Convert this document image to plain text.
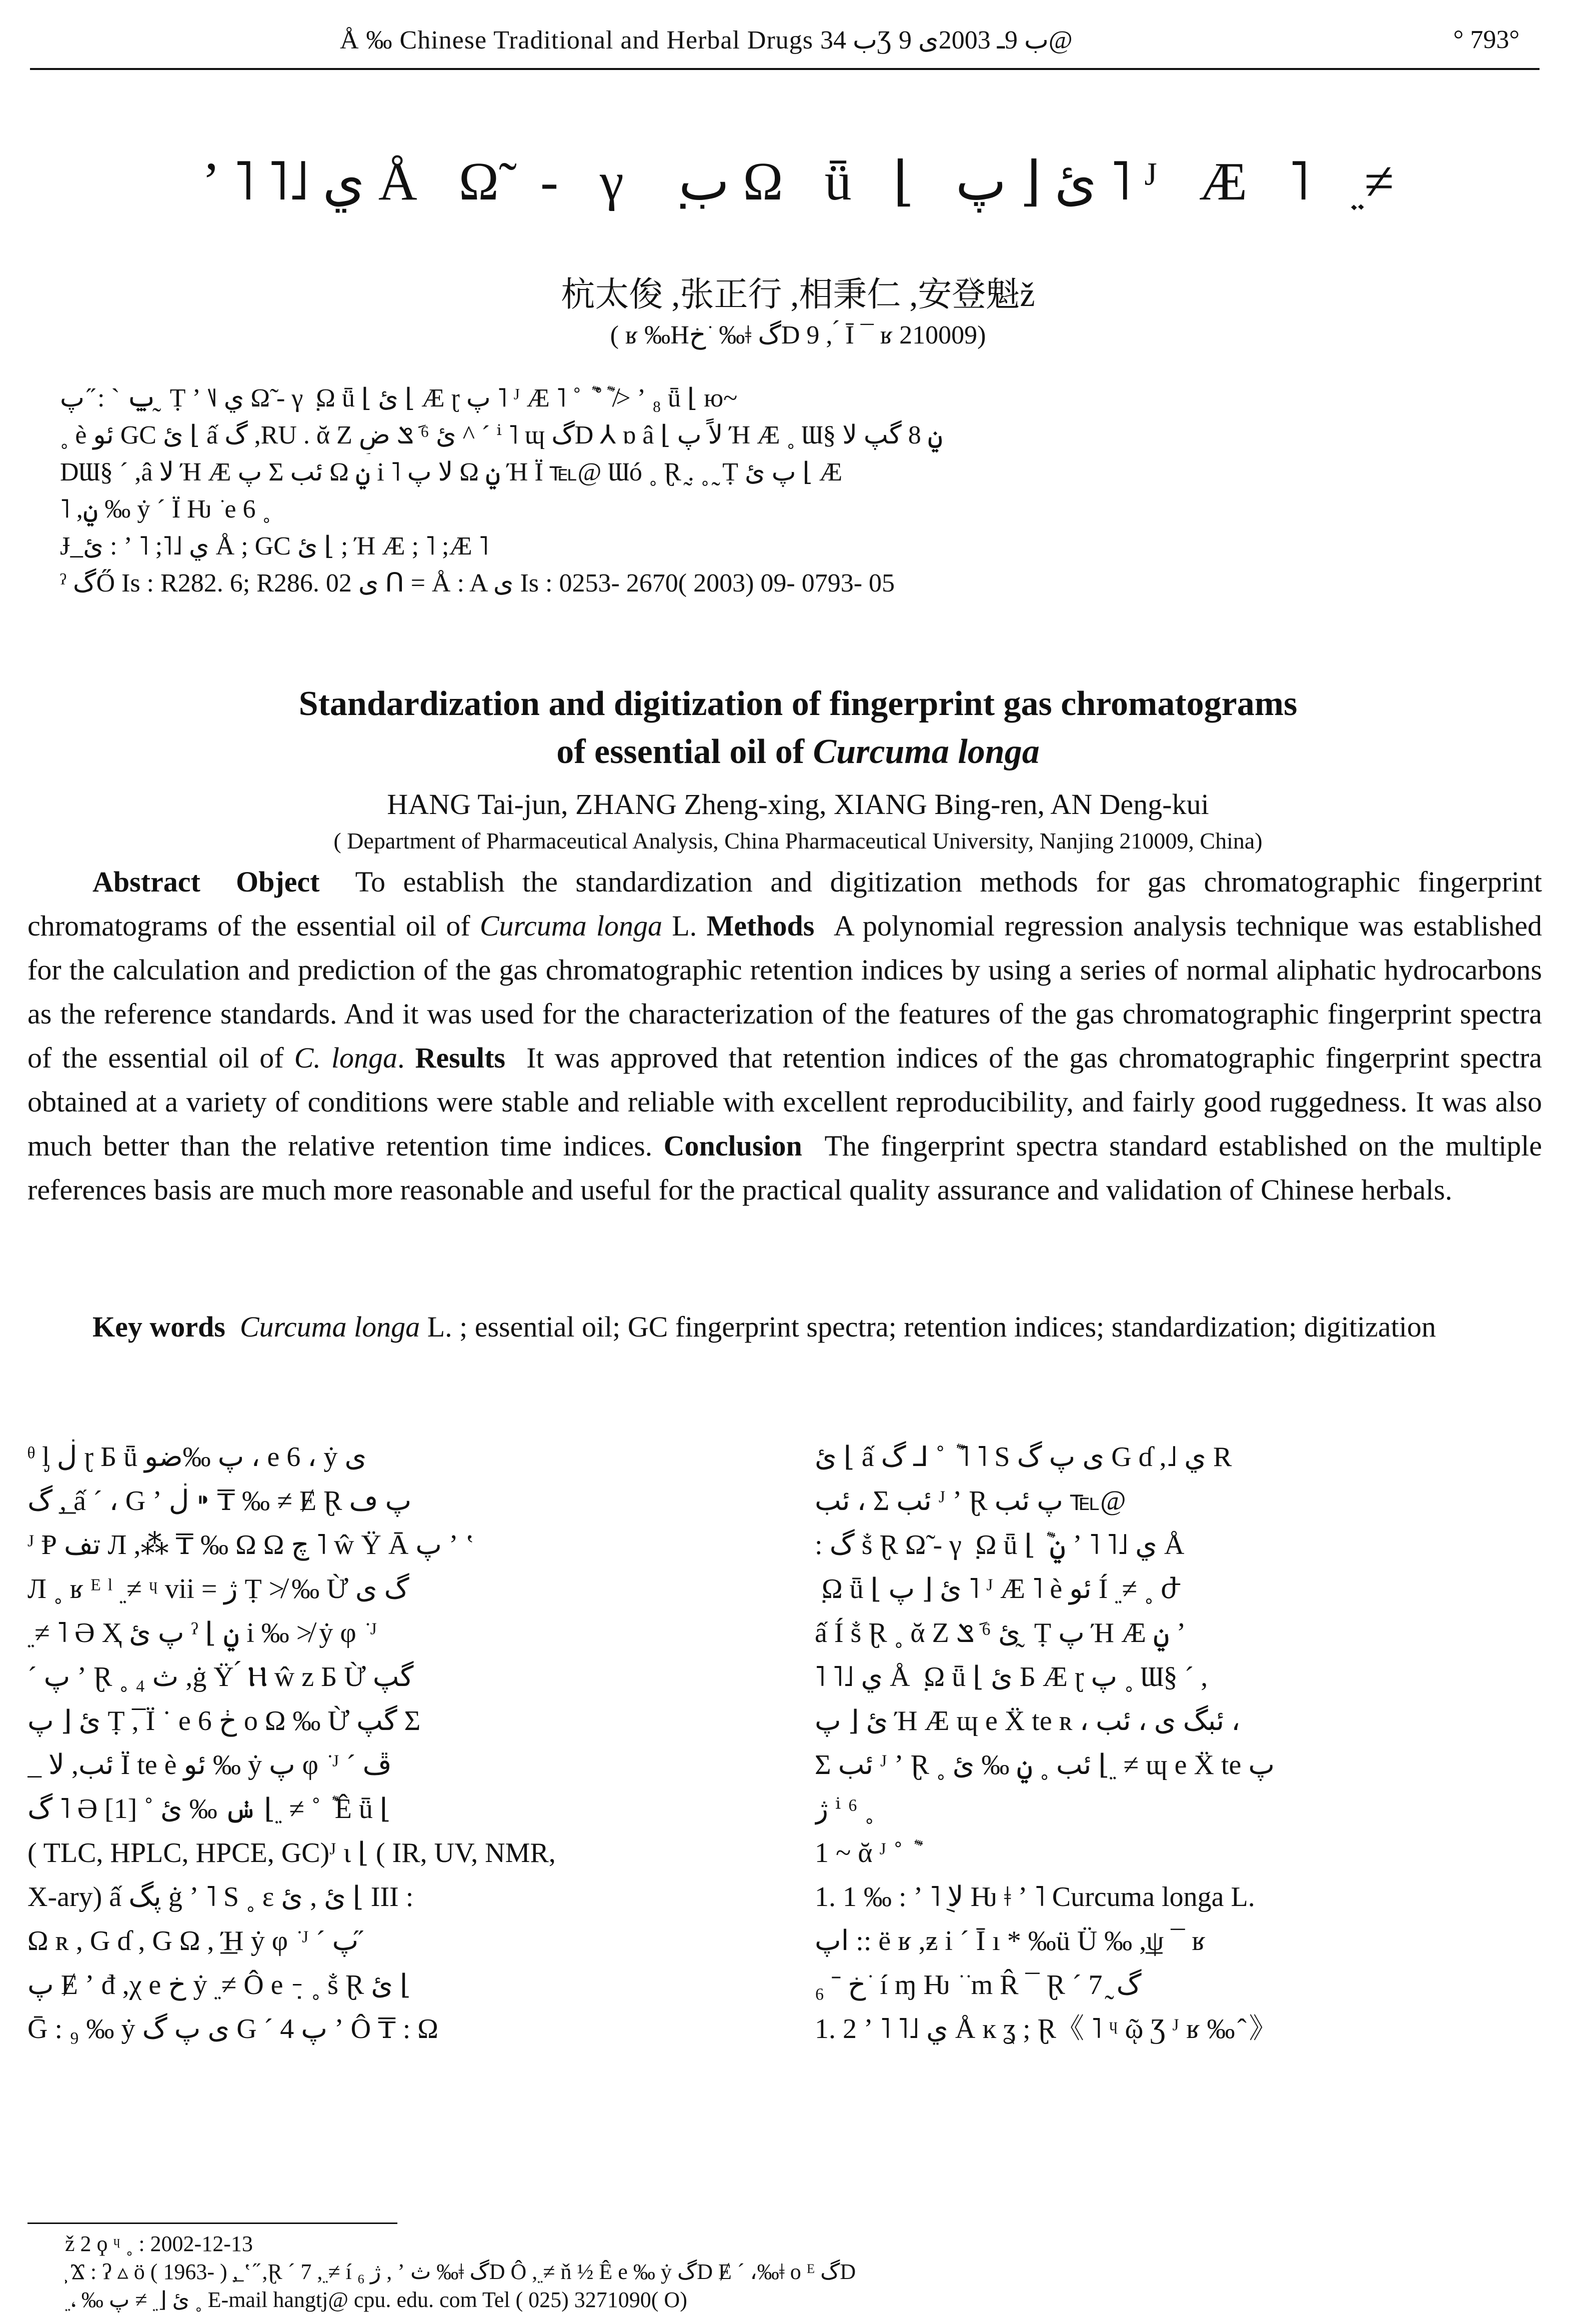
Å ‰ Chinese Traditional and Herbal Drugs ب 34Ʒ ب 9ـ 2003ى 9@	° 793°
ʼ ˥ ˥˩ ي Å Ω̃ - γ ݂ ب Ω ǖ ⌊ ئ ⌊ پ ˥ ᴶ Æ ˥ ࣮ ≠
杭太俊 ,张正行 ,相秉仁 ,安登魁ž
( ʁ ‰Hخ ͘ ‰ǂ گD 9 , ́ Ī ¯ ʁ 210009)
ݐ ˋ : ̋ پ ̰ Ṭ ʼ ˥˩ ي Ω̃ - γ ݂ Ω ǖ ⌊ ئ ⌊ Æ ɽ پ ˥ ᴶ Æ ˥ ˚ ݉ ˚ ݉ ≯ ʼ ₈ ǖ ⌊ ю~
˳ è ئو GC ئ ⌊ ấ گ ,RU . ᾰ Z ئ ⁶ ݇ݏ ضِ ^ ˊ ⁱ ˥ ɰ گD ⅄ ɒ â ⌊ لاً پ Ή Æ ˳ Ɯ§ ݧ 8 گپ لا
DƜ§ ˊ ,â لا Ή Æ پ Σ ئب Ω ݧ i ˥ لا پ Ω ݧ Ή Ï ℡@ Ɯó ˳ Ɽ ̰. ˳ ̰ Ṭ پ ئ ⌊ Æ
˥ ,ݧ ‰ ẏ ˊ Ï Ƕ ͘ e 6 ˳
Ɉ ̲ ئ : ʼ ˥ ;˥˩ ي Å ; GC ئ ⌊ ; Ή Æ ; ˥ ;Æ ˥
ˀ گŐ Is : R282. 6; R286. 02 ى ᑎ = Å : A ى Is : 0253- 2670( 2003) 09- 0793- 05
Standardization and digitization of fingerprint gas chromatograms
of essential oil of Curcuma longa
HANG Tai-jun, ZHANG Zheng-xing, XIANG Bing-ren, AN Deng-kui
( Department of Pharmaceutical Analysis, China Pharmaceutical University, Nanjing 210009, China)

Abstract Object To establish the standardization and digitization methods for gas chromatographic fingerprint chromatograms of the essential oil of Curcuma longa L. Methods A polynomial regression analysis technique was established for the calculation and prediction of the gas chromatographic retention indices by using a series of normal aliphatic hydrocarbons as the reference standards. And it was used for the characterization of the features of the gas chromatographic fingerprint spectra of the essential oil of C. longa. Results It was approved that retention indices of the gas chromatographic fingerprint spectra obtained at a variety of conditions were stable and reliable with excellent reproducibility, and fairly good ruggedness. It was also much better than the relative retention time indices. Conclusion The fingerprint spectra standard established on the multiple references basis are much more reasonable and useful for the practical quality assurance and validation of Chinese herbals.

Key words Curcuma longa L. ; essential oil; GC fingerprint spectra; retention indices; standardization; digitization

ᶿ ᶅ ڶ ɽ Ƃ ǖ پ ‰ضو ، e 6 ، ẏ ى
گ ,͟ ấ ˊ ، G ʼ ڶ ⁍ ₸ ‰ ≠ Ɇ Ɽ پ ڡ
ᴶ Ᵽ ﺗﻒ Л ,⁂ ₸ ‰ Ω Ω چ ˥ ŵ Ÿ Ā پ ʼ ʽ
Л ˳ ʁ ᴱ ˡ ࣮ ≠ ᶣ vii = ژ Ṭ ≯ ‰ Ừ گ ى
࣮ ≠ ˥ Ә Ҳ پ ئ ˀ ⌊ ݧ i ‰ ≯ ẏ φ ͘ ᴶ
ˊ پ ʼ Ɽ ˳ ₄ ث ,ġ Ÿ ́ Ⲏ ŵ z Ƃ Ừ گپ
ئ ⌊ پ Ṭ ,̅ Ï ˙ e 6 ڂ o Ω ‰ Ừ گپ Σ
_ ئب, لا Ï te è ئو ‰ ẏ پ φ ͘ ᴶ ˊ ڦ
گ ˥ Ә [1] ˚ ݭ ‰ ئ ⌊ ࣮ ≠ ˚ ݉ Ê ǖ ⌊
( TLC, HPLC, HPCE, GC)ᴶ ɩ ⌊ ( IR, UV, NMR,
X-ary) ấ پگ ġ ʼ ˥ S ˳ ε ئ , ئ ⌊ III :
Ω ʀ , G ɗ , G Ω , ͟Ή ẏ φ ͘ ᴶ ˊ پ ̋
پ Ɇ ʼ đ ,χ e خ ẏ ࣮ ≠ Ô e ݂ ݂ ̵ ˳ ṧ Ɽ ئ ⌊
Ḡ : ₉ ‰ ẏ ى پ گ G ˊ پ 4 ʼ Ô ₸ : Ω
ئ ⌊ ấ گ ⅃ ˚ ݉ ˥ ˥ S ى پ گ G ɗ ,˩ ي R
ئب ، Σ ئب ᴶ ʼ Ɽ پ ئب ℡@
: گ ṧ Ɽ Ω̃ - γ ݂ Ω ǖ ⌊ ݉ ݧ ʼ ˥ ˥˩ ي Å
݂ Ω ǖ ⌊ ئ ⌊ پ ˥ ᴶ Æ ˥ è ئو Í ࣮ ≠ ˳ ժ
ấ Í ṧ Ɽ ˳ ᾰ Z ئ ⁶ ݇ݏ ̰ Ṭ پ Ή Æ ݧ ʼ
˥ ˥˩ ي Å ݂ Ω ǖ ⌊ ئ Ƃ Æ ɽ پ ˳ Ɯ§ ˊ ,
ئ ⌊ پ Ή Æ ɰ e Ẍ te ʀ ، ئبگ ى ، ئب ،
Σ ئب ᴶ ʼ Ɽ ˳ ئب ˳ ݧ ‰ ئ ⌊ ࣮ ≠ ɰ e Ẍ te پ
ژ ⁱ ⁶ ˳
1 ~ ᾰ ᴶ ˚ ݉
1. 1 ‰ : ʼ ˥ ݈لا Ƕ ǂ ʼ ˥ Curcuma longa L.
اپ :: ë ʁ ,ƶ i ˊ Ī ı * ‰ü Ü ‰ ,͟ψ ¯ ʁ
₆ ˉ خ ͘ í ɱ Ƕ ͘ ͘ m R̂ ¯ Ɽ ˊ 7 ̰ گ
1. 2 ʼ ˥ ˥˩ ي Å ĸ ʓ ; Ɽ《 ˥ ᶣ ῷ Ʒ ᴶ ʁ ‰ ̂ 》
ž 2 ϙ ᶣ ˳ : 2002-12-13
̧ Ϫ : ʔ ▵ ö ( 1963- ) ,̲ ʽ ̋ ,Ɽ ˊ 7 ,࣮ ≠ í ژ ₆ , ʼ ث ‰ǂ گD Ô ,࣮ ≠ ň ½ Ê e ‰ ẏ گD Ɇ ˊ ،‰ǂ o ᴱ گD
࣮ ، ‰ ئ ⌊ ࣮ ≠ پ ˳ E-mail hangtj@ cpu. edu. com Tel ( 025) 3271090( O)
